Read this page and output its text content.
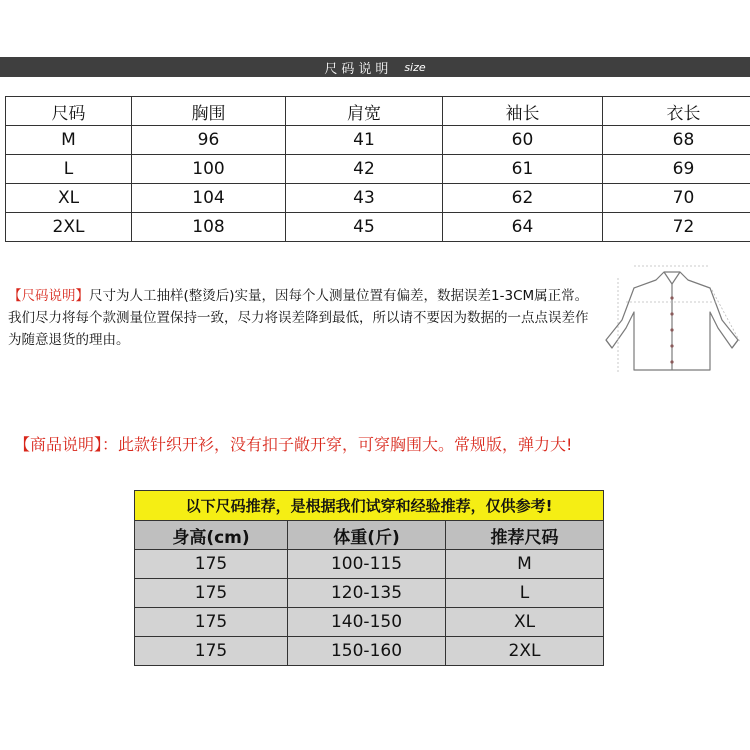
尺码说明 size
尺码	胸围	肩宽	袖长	衣长
M	96	41	60	68
L	100	42	61	69
XL	104	43	62	70
2XL	108	45	64	72
【尺码说明】尺寸为人工抽样(整烫后)实量，因每个人测量位置有偏差，数据误差1-3CM属正常。我们尽力将每个款测量位置保持一致，尽力将误差降到最低，所以请不要因为数据的一点点误差作为随意退货的理由。
【商品说明】：此款针织开衫，没有扣子敞开穿，可穿胸围大。常规版，弹力大!
以下尺码推荐，是根据我们试穿和经验推荐，仅供参考!		
身高(cm)	体重(斤)	推荐尺码
175	100-115	M
175	120-135	L
175	140-150	XL
175	150-160	2XL
